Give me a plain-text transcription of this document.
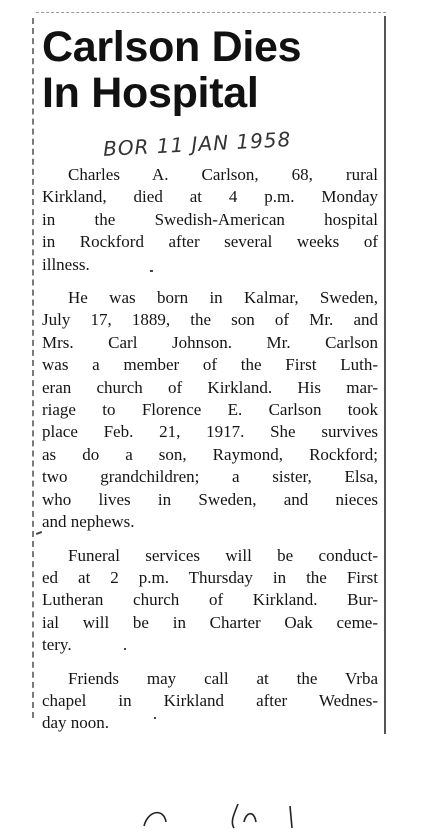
Carlson Dies
In Hospital
BOR 11 JAN 1958
Charles A. Carlson, 68, rural
Kirkland, died at 4 p.m. Monday
in the Swedish-American hospital
in Rockford after several weeks of
illness.
He was born in Kalmar, Sweden,
July 17, 1889, the son of Mr. and
Mrs. Carl Johnson. Mr. Carlson
was a member of the First Luth-
eran church of Kirkland. His mar-
riage to Florence E. Carlson took
place Feb. 21, 1917. She survives
as do a son, Raymond, Rockford;
two grandchildren; a sister, Elsa,
who lives in Sweden, and nieces
and nephews.
Funeral services will be conduct-
ed at 2 p.m. Thursday in the First
Lutheran church of Kirkland. Bur-
ial will be in Charter Oak ceme-
tery.
Friends may call at the Vrba
chapel in Kirkland after Wednes-
day noon.
